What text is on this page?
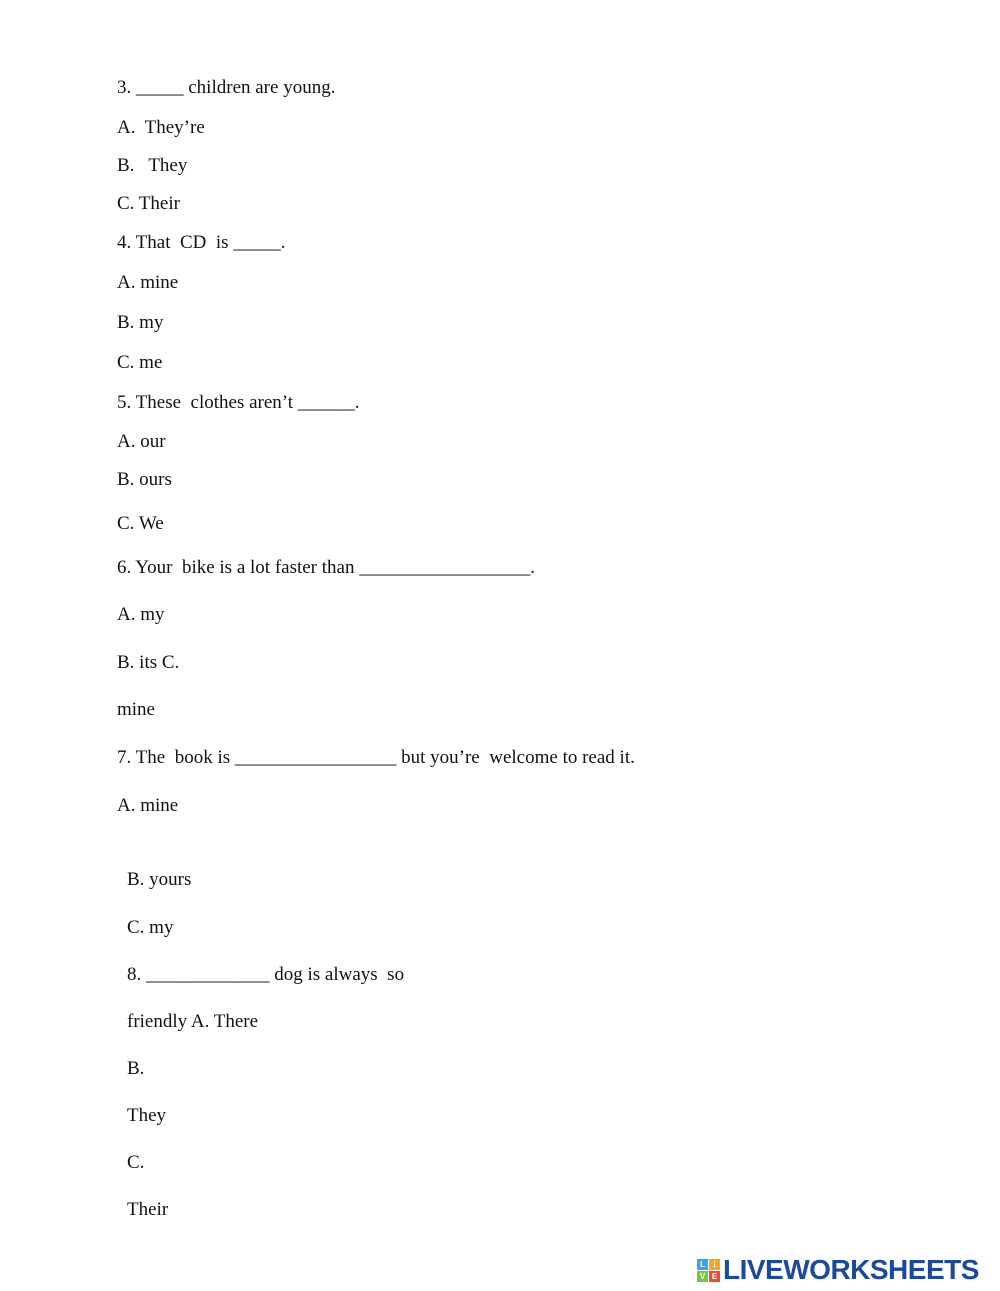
3. _____ children are young.
A.  They’re
B.   They
C. Their
4. That  CD  is _____.
A. mine
B. my
C. me
5. These  clothes aren’t ______.
A. our
B. ours
C. We
6. Your  bike is a lot faster than __________________.
A. my
B. its C.
mine
7. The  book is _________________ but you’re  welcome to read it.
A. mine
B. yours
C. my
8. _____________ dog is always  so
friendly A. There
B.
They
C.
Their
L	I
V E LIVEWORKSHEETS
